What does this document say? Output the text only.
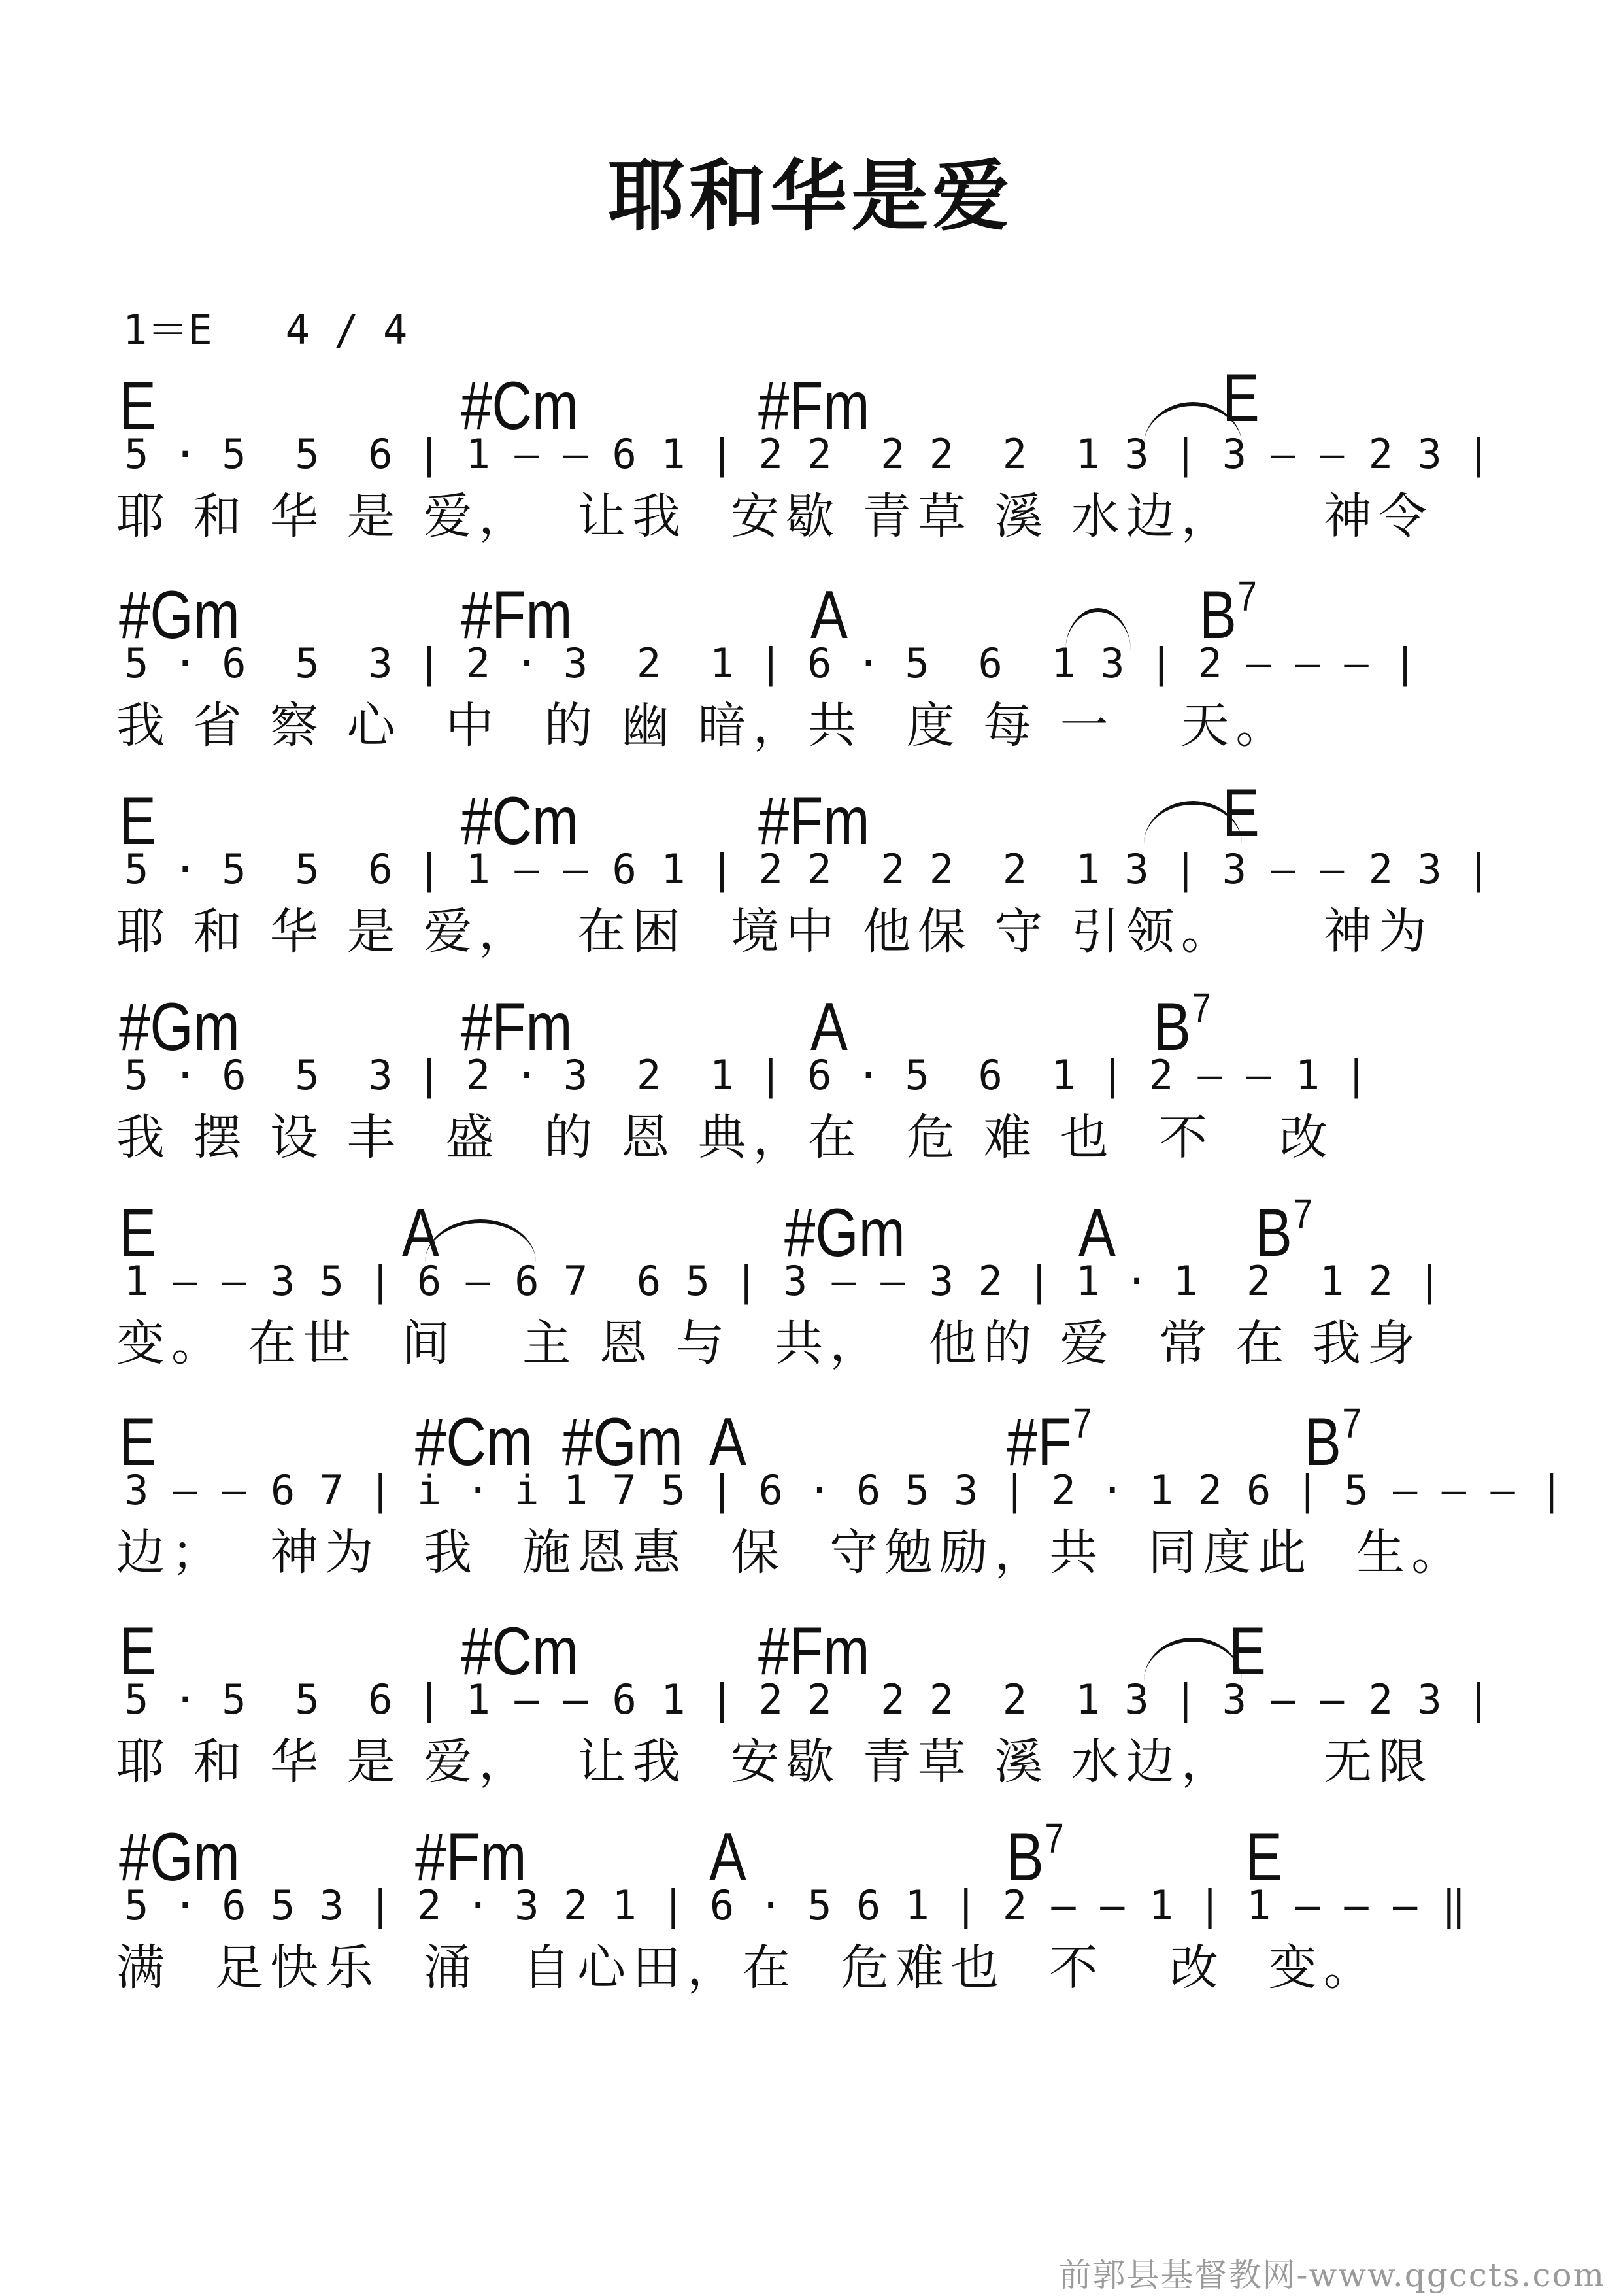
耶和华是爱
1＝E   4 / 4
E	#Cm	#Fm	E
5 · 5  5  6 | 1 — — 6 1 | 2 2  2 2  2  1 3 | 3 — — 2 3 |
耶 和 华 是 爱，  让我  安歇 青草 溪 水边，    神令
#Gm	#Fm	A	$B^7$
5 · 6  5  3 | 2 · 3  2  1 | 6 · 5  6  1 3 | 2 — — — |
我 省 察 心  中  的 幽 暗，共  度 每 一   天。
E	#Cm	#Fm	E
5 · 5  5  6 | 1 — — 6 1 | 2 2  2 2  2  1 3 | 3 — — 2 3 |
耶 和 华 是 爱，  在困  境中 他保 守 引领。    神为
#Gm	#Fm	A	$B^7$
5 · 6  5  3 | 2 · 3  2  1 | 6 · 5  6  1 | 2 — — 1 |
我 摆 设 丰  盛  的 恩 典，在  危 难 也  不   改
E	A	#Gm	A $B^7$
1 — — 3 5 | 6 — 6 7  6 5 | 3 — — 3 2 | 1 · 1  2  1 2 |
变。 在世  间   主 恩 与  共，  他的 爱  常 在 我身
E	#Cm #Gm A	$\#F^7$	$B^7$
3 — — 6 7 | i · i 1 7 5 | 6 · 6 5 3 | 2 · 1 2 6 | 5 — — — |
边；  神为  我  施恩惠  保  守勉励，共  同度此  生。
E	#Cm	#Fm	E
5 · 5  5  6 | 1 — — 6 1 | 2 2  2 2  2  1 3 | 3 — — 2 3 |
耶 和 华 是 爱，  让我  安歇 青草 溪 水边，    无限
#Gm	#Fm	A	$B^7$	E
5 · 6 5 3 | 2 · 3 2 1 | 6 · 5 6 1 | 2 — — 1 | 1 — — — ‖
满  足快乐  涌  自心田，在  危难也  不   改  变。
前郭县基督教网-www.qgccts.com
